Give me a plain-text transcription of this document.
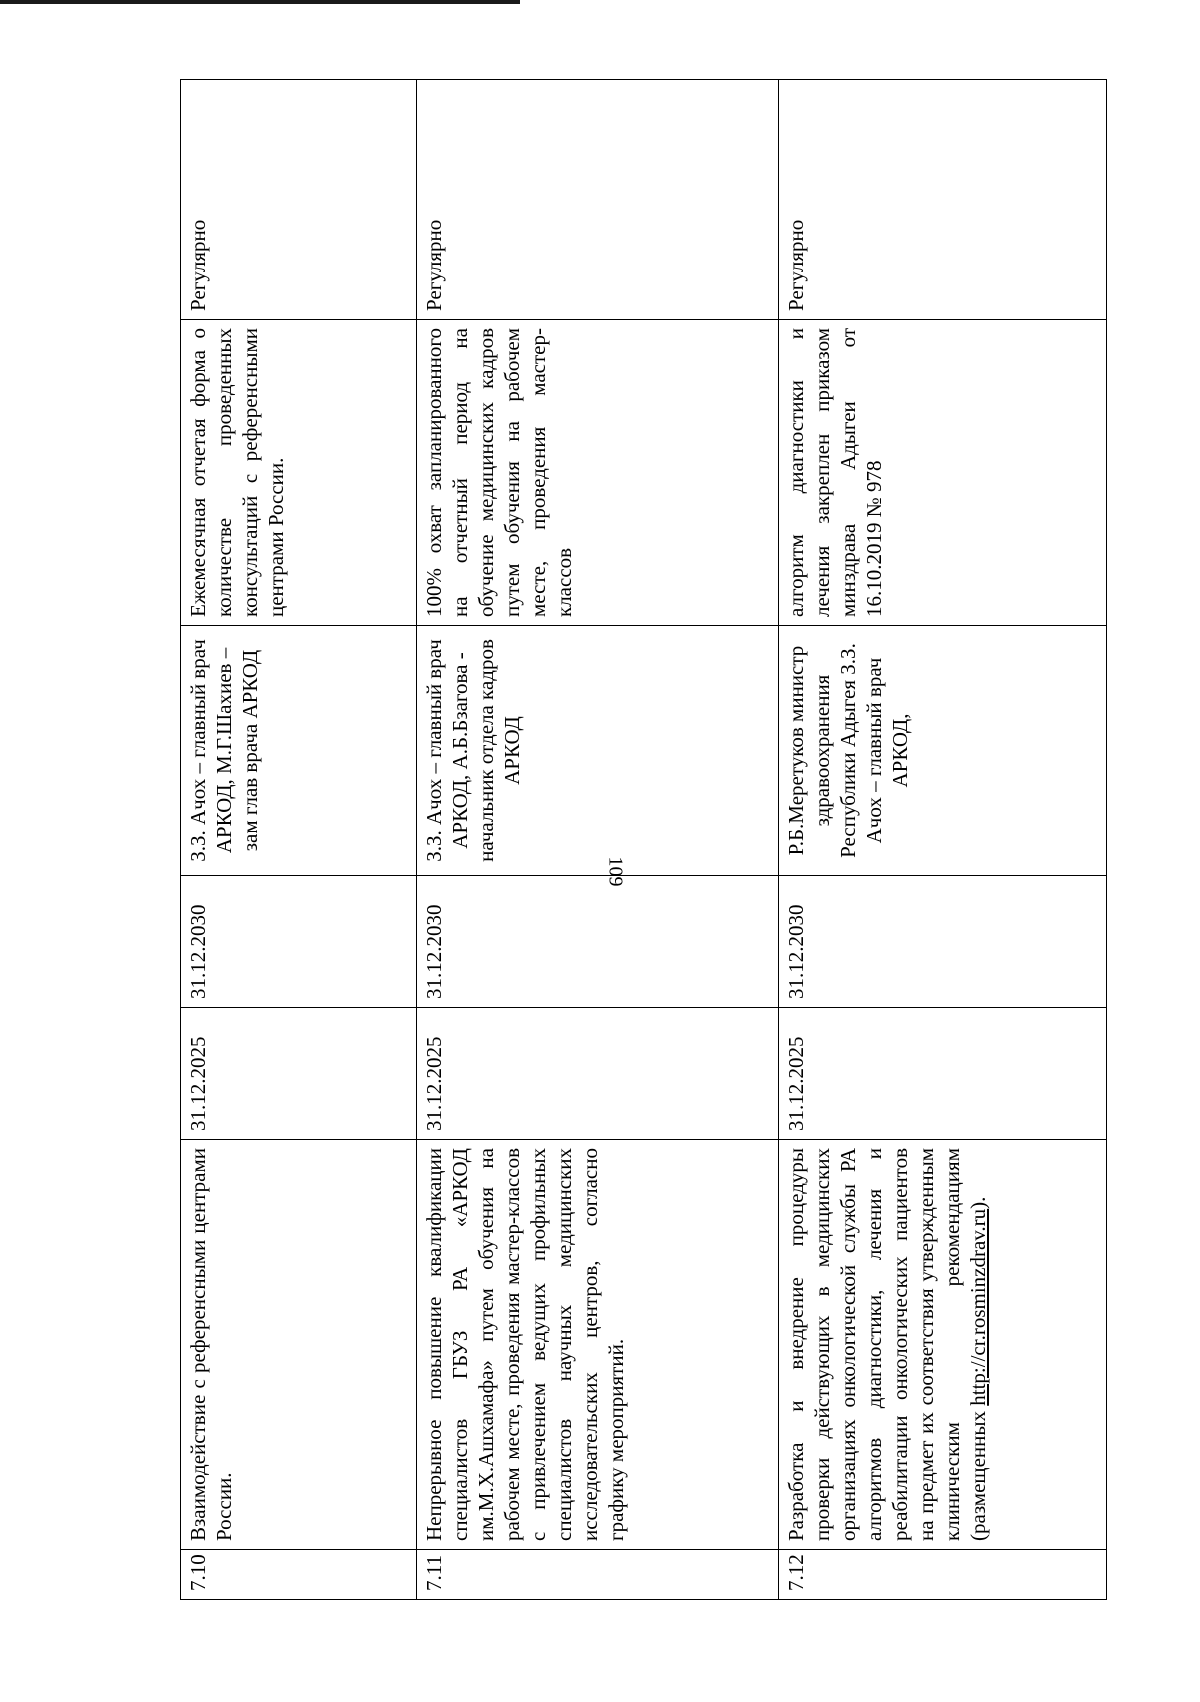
7.10	Взаимодействие с референсными центрами России.	31.12.2025	31.12.2030	З.З. Ачох – главный врач АРКОД, М.Г.Шахиев – зам глав врача АРКОД	Ежемесячная отчетая форма о количестве проведенных консультаций с референсными центрами России.	Регулярно
7.11	Непрерывное повышение квалификации специалистов ГБУЗ РА «АРКОД им.М.Х.Ашхамафа» путем обучения на рабочем месте, проведения мастер-классов с привлечением ведущих профильных специалистов научных медицинских исследовательских центров, согласно графику мероприятий.	31.12.2025	31.12.2030	З.З. Ачох – главный врач АРКОД, А.Б.Бзагова - начальник отдела кадров АРКОД	100% охват запланированного на отчетный период на обучение медицинских кадров путем обучения на рабочем месте, проведения мастер-классов	Регулярно
7.12	Разработка и внедрение процедуры проверки действующих в медицинских организациях онкологической службы РА алгоритмов диагностики, лечения и реабилитации онкологических пациентов на предмет их соответствия утвержденным клиническим рекомендациям (размещенных http://cr.rosminzdrav.ru).	31.12.2025	31.12.2030	Р.Б.Меретуков министр здравоохранения Республики Адыгея З.З. Ачох – главный врач АРКОД,	алгоритм диагностики и лечения закреплен приказом минздрава Адыгеи от 16.10.2019 № 978	Регулярно
109
